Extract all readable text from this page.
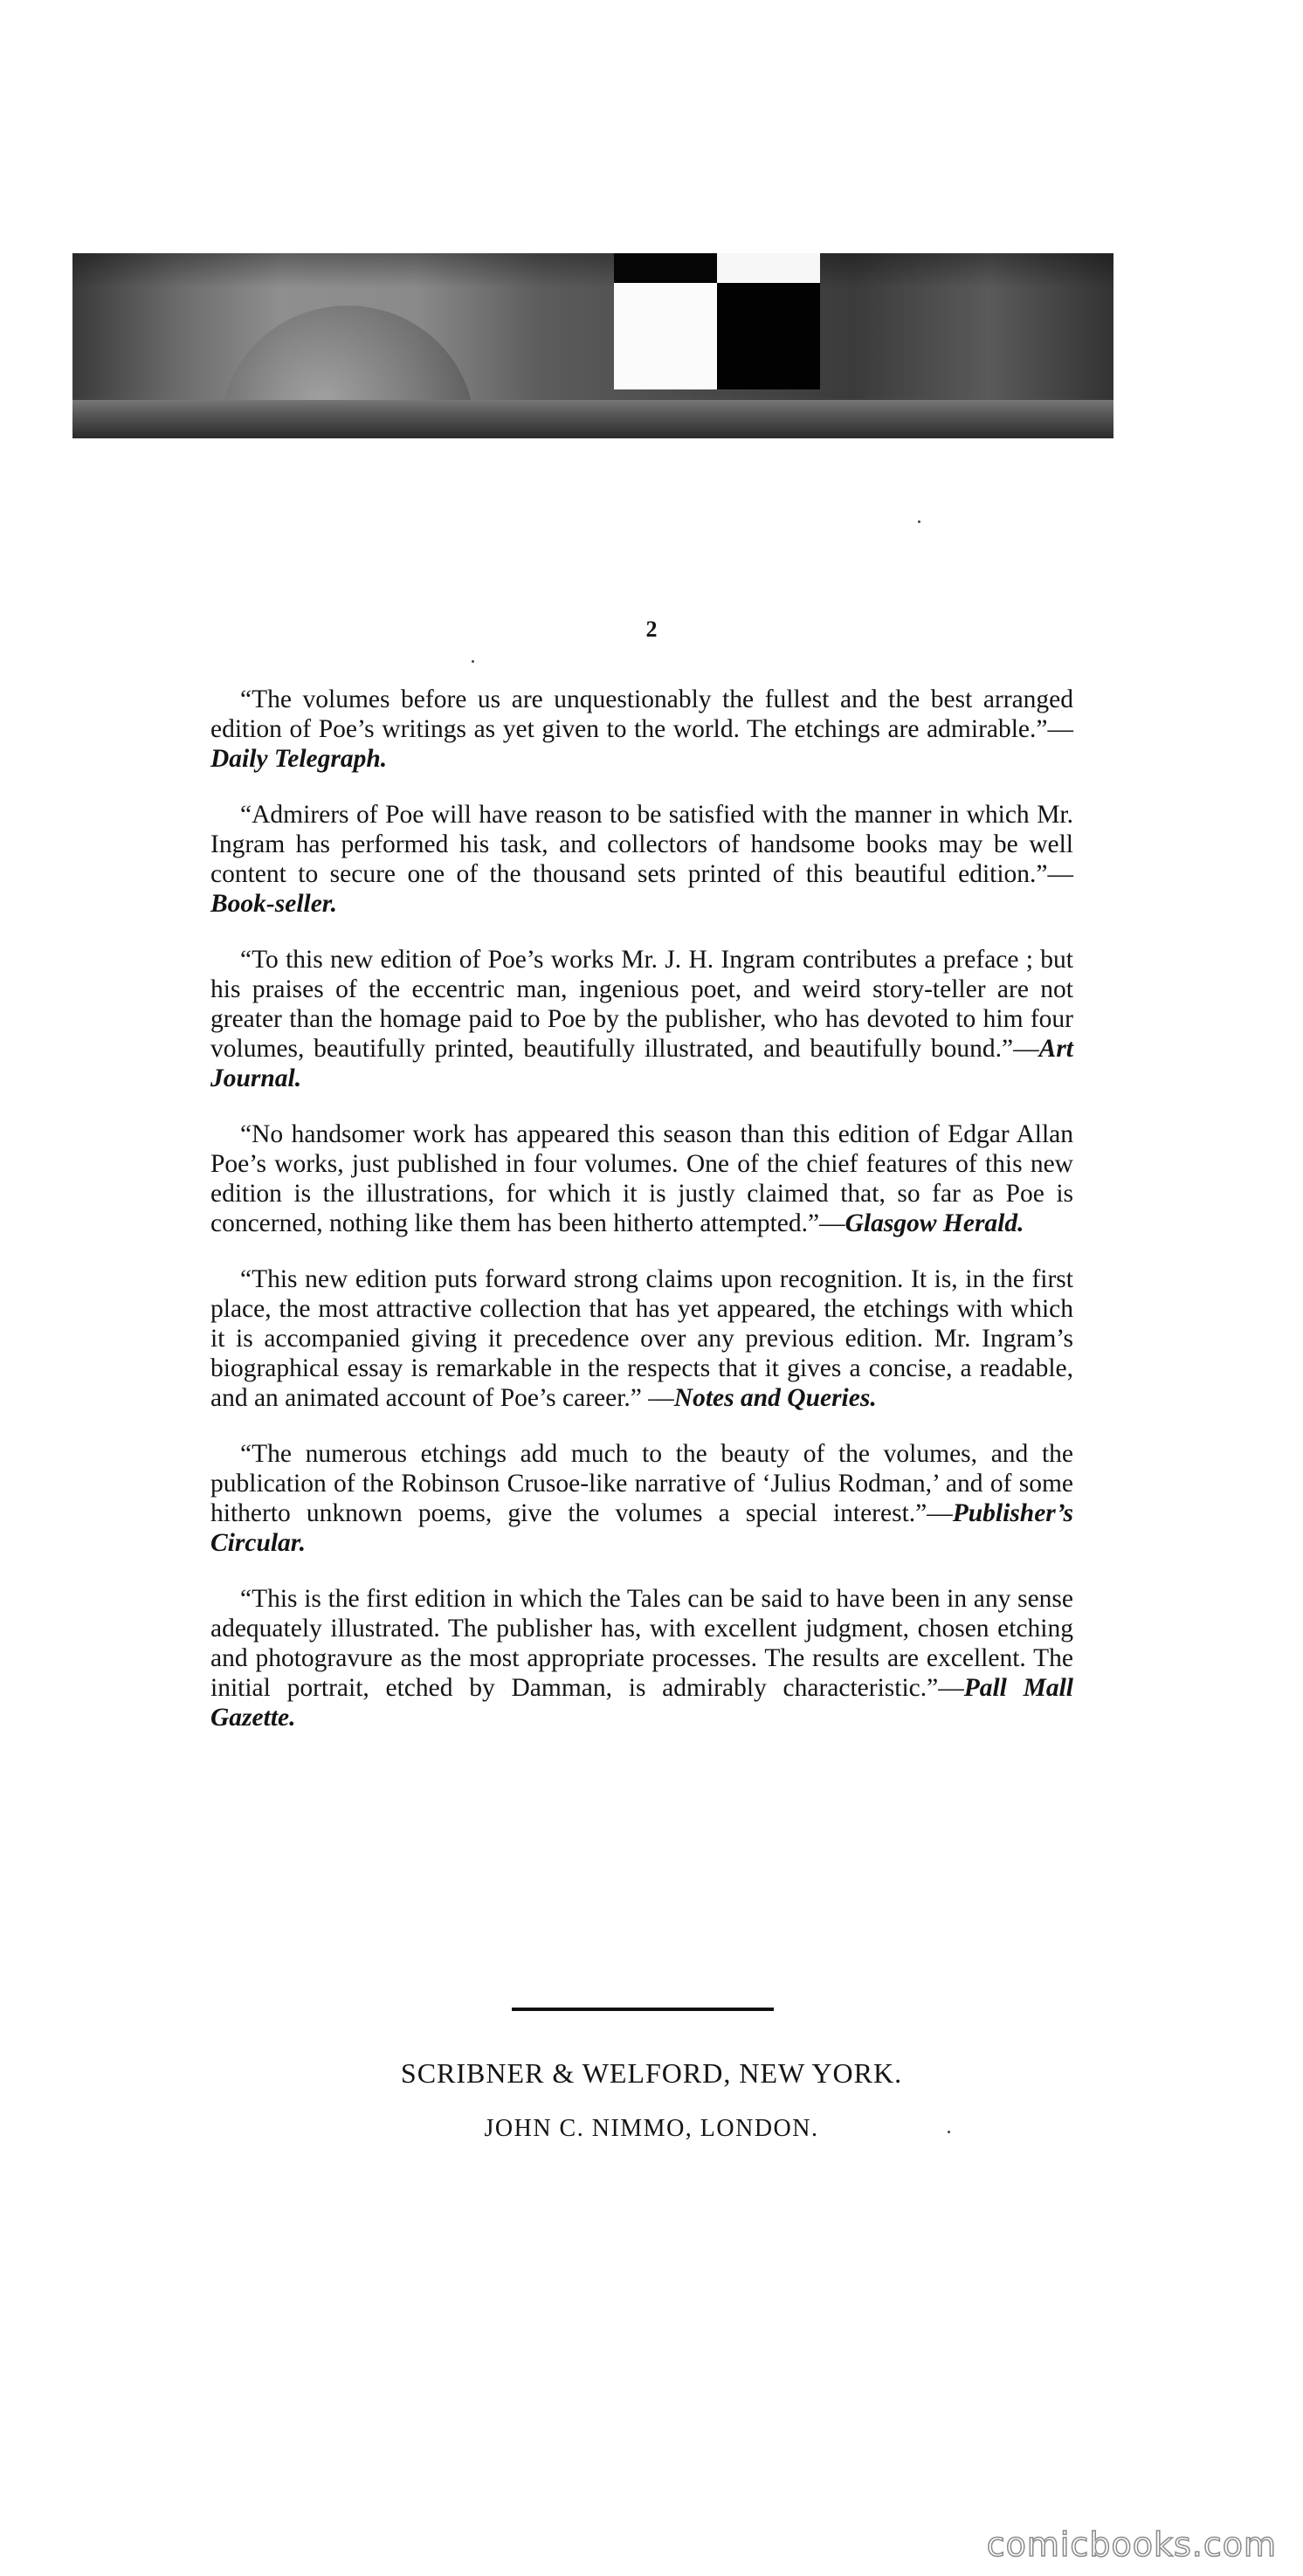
2

“The volumes before us are unquestionably the fullest and the best arranged edition of Poe’s writings as yet given to the world. The etchings are admirable.”—Daily Telegraph.

“Admirers of Poe will have reason to be satisfied with the manner in which Mr. Ingram has performed his task, and collectors of handsome books may be well content to secure one of the thousand sets printed of this beautiful edition.”—Book-seller.

“To this new edition of Poe’s works Mr. J. H. Ingram contributes a preface ; but his praises of the eccentric man, ingenious poet, and weird story-teller are not greater than the homage paid to Poe by the publisher, who has devoted to him four volumes, beautifully printed, beautifully illustrated, and beautifully bound.”—Art Journal.

“No handsomer work has appeared this season than this edition of Edgar Allan Poe’s works, just published in four volumes. One of the chief features of this new edition is the illustrations, for which it is justly claimed that, so far as Poe is concerned, nothing like them has been hitherto attempted.”—Glasgow Herald.

“This new edition puts forward strong claims upon recognition. It is, in the first place, the most attractive collection that has yet appeared, the etchings with which it is accompanied giving it precedence over any previous edition. Mr. Ingram’s biographical essay is remarkable in the respects that it gives a concise, a readable, and an animated account of Poe’s career.” —Notes and Queries.

“The numerous etchings add much to the beauty of the volumes, and the publication of the Robinson Crusoe-like narrative of ‘Julius Rodman,’ and of some hitherto unknown poems, give the volumes a special interest.”—Publisher’s Circular.

“This is the first edition in which the Tales can be said to have been in any sense adequately illustrated. The publisher has, with excellent judgment, chosen etching and photogravure as the most appropriate processes. The results are excellent. The initial portrait, etched by Damman, is admirably characteristic.”—Pall Mall Gazette.

SCRIBNER & WELFORD, NEW YORK.
JOHN C. NIMMO, LONDON.
comicbooks.com
